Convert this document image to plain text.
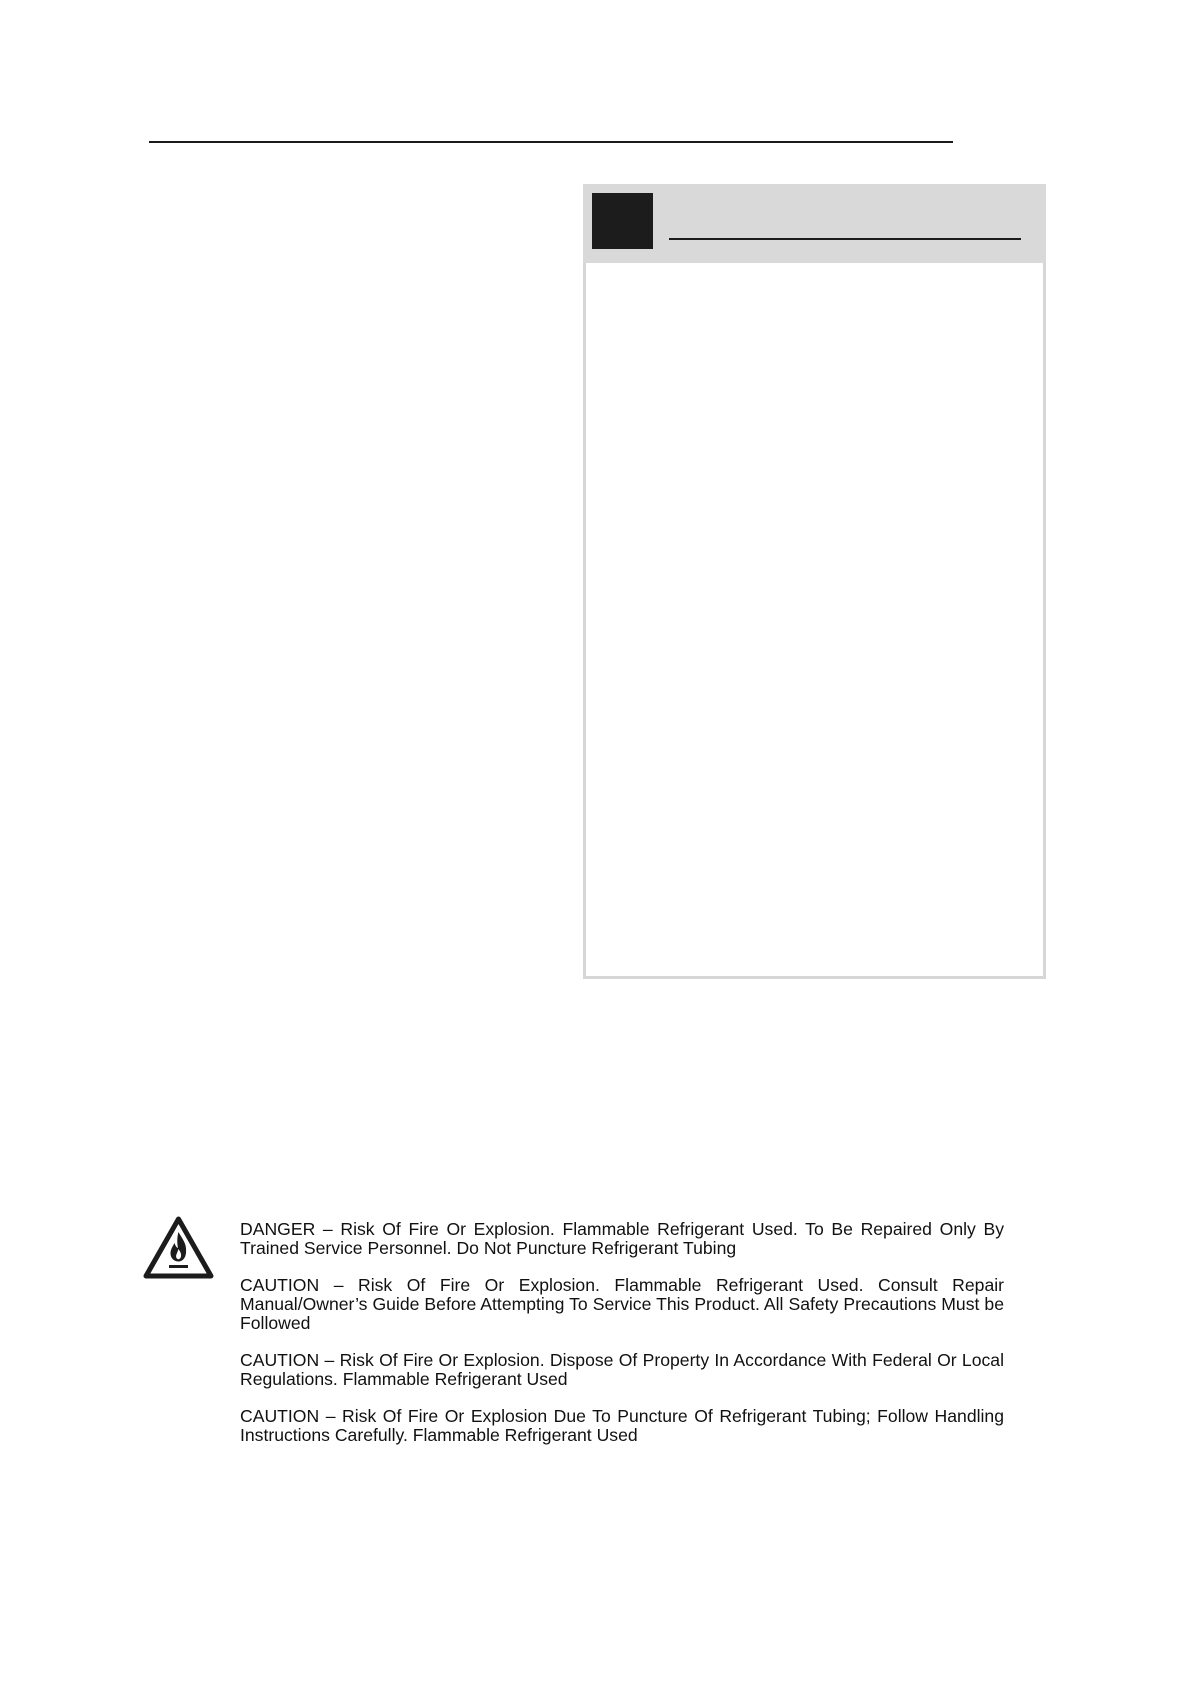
DANGER – Risk Of Fire Or Explosion. Flammable Refrigerant Used. To Be Repaired Only By Trained Service Personnel. Do Not Puncture Refrigerant Tubing

CAUTION – Risk Of Fire Or Explosion. Flammable Refrigerant Used. Consult Repair Manual/Owner’s Guide Before Attempting To Service This Product. All Safety Precautions Must be Followed

CAUTION – Risk Of Fire Or Explosion. Dispose Of Property In Accordance With Federal Or Local Regulations. Flammable Refrigerant Used

CAUTION – Risk Of Fire Or Explosion Due To Puncture Of Refrigerant Tubing; Follow Handling Instructions Carefully. Flammable Refrigerant Used
